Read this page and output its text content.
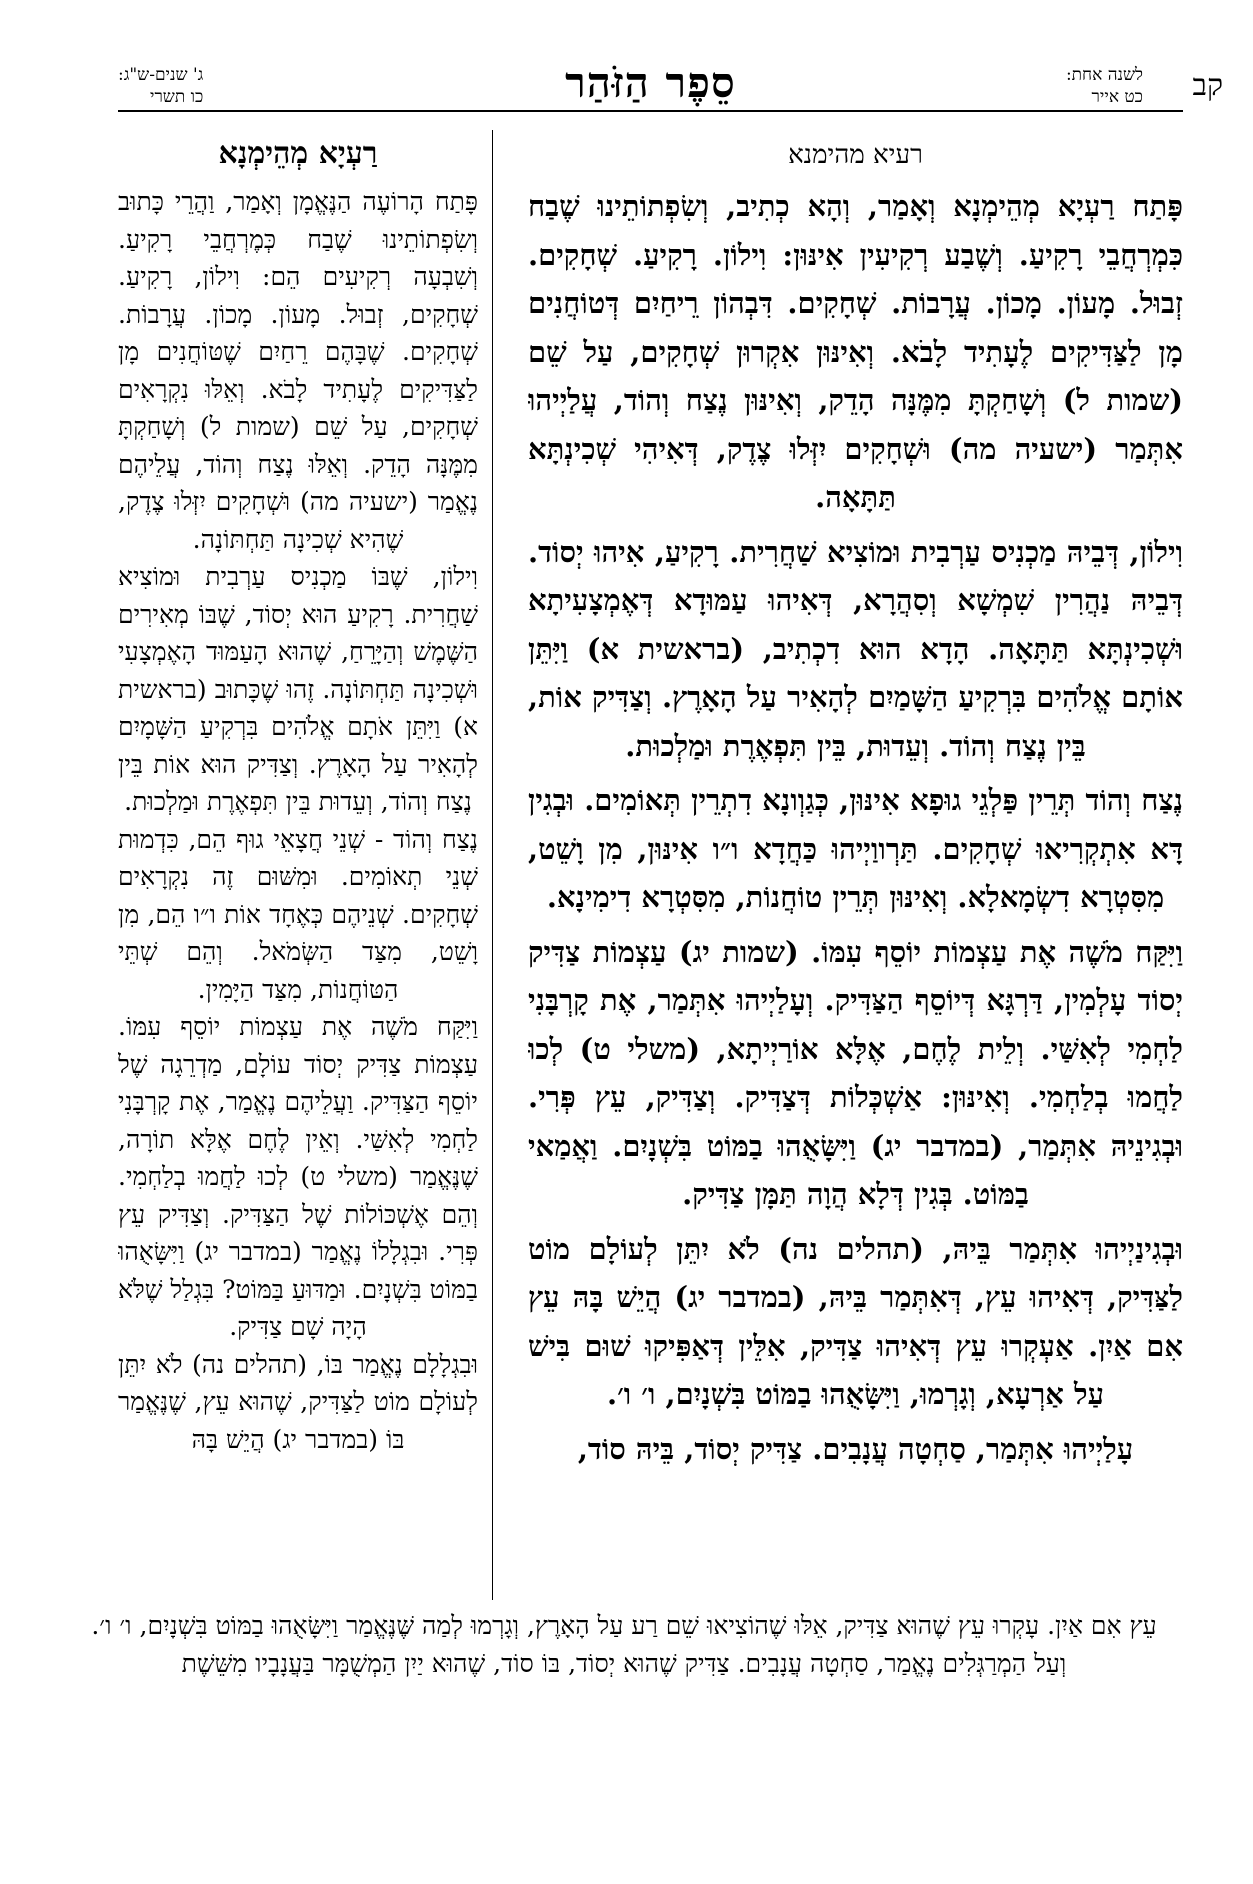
קב
לשנה אחת:
כט אייר
סֵפֶר הַזֹּהַר
ג' שנים-ש"ג:
כו תשרי
רעיא מהימנא

פָּתַח רַעְיָא מְהֵימְנָא וְאָמַר, וְהָא כְתִיב, וְשִׂפְתוֹתֵינוּ שֶׁבַח כִּמְרְחֲבֵי רָקִיעַ. וְשֶׁבַע רְקִיעִין אִינּוּן: וִילוֹן. רָקִיעַ. שְׁחָקִים. זְבוּל. מָעוֹן. מָכוֹן. עֲרָבוֹת. שְׁחָקִים. דִּבְהוֹן רֵיחַיִם דְּטוֹחֲנִים מָן לַצַּדִּיקִים לֶעָתִיד לָבֹא. וְאִינּוּן אִקְרוּן שְׁחָקִים, עַל שֵׁם (שמות ל) וְשָׁחַקְתָּ מִמֶּנָּה הָדֵק, וְאִינּוּן נֶצַח וְהוֹד, עֲלַיְיהוּ אִתְּמַר (ישעיה מה) וּשְׁחָקִים יִזְּלוּ צֶדֶק, דְּאִיהִי שְׁכִינְתָּא תַּתָּאָה.

וִילוֹן, דְּבֵיהּ מַכְנִיס עַרְבִית וּמוֹצִיא שַׁחֲרִית. רָקִיעַ, אִיהוּ יְסוֹד. דְּבֵיהּ נַהֲרִין שִׁמְשָׁא וְסִהֲרָא, דְּאִיהוּ עַמּוּדָא דְּאֶמְצָעִיתָא וּשְׁכִינְתָּא תַּתָּאָה. הָדָא הוּא דִכְתִיב, (בראשית א) וַיִּתֵּן אוֹתָם אֱלֹהִים בִּרְקִיעַ הַשָּׁמַיִם לְהָאִיר עַל הָאָרֶץ. וְצַדִּיק אוֹת, בֵּין נֶצַח וְהוֹד. וְעֵדוּת, בֵּין תִּפְאֶרֶת וּמַלְכוּת.

נֶצַח וְהוֹד תְּרֵין פַּלְגֵי גוּפָא אִינּוּן, כְּגַוְונָא דִתְרֵין תְּאוֹמִים. וּבְגִין דָּא אִתְקְרִיאוּ שְׁחָקִים. תַּרְווַיְיהוּ כַּחֲדָא ו״ו אִינּוּן, מִן וָשֵׁט, מִסִּטְרָא דִשְׂמָאלָא. וְאִינּוּן תְּרֵין טוֹחֲנוֹת, מִסִּטְרָא דִימִינָא.

וַיִּקַּח מֹשֶׁה אֶת עַצְמוֹת יוֹסֵף עִמּוֹ. (שמות יג) עַצְמוֹת צַדִּיק יְסוֹד עָלְמִין, דַּרְגָּא דְּיוֹסֵף הַצַּדִּיק. וְעָלַיְיהוּ אִתְּמַר, אֶת קָרְבָּנִי לַחְמִי לְאִשַּׁי. וְלֵית לֶחֶם, אֶלָּא אוֹרַיְיתָא, (משלי ט) לְכוּ לַחֲמוּ בְלַחְמִי. וְאִינּוּן: אַשְׁכְּלוֹת דְּצַדִּיק. וְצַדִּיק, עֵץ פְּרִי. וּבְגִינֵיהּ אִתְּמַר, (במדבר יג) וַיִּשָּׂאֻהוּ בַמּוֹט בִּשְׁנָיִם. וַאֲמַאי בַמּוֹט. בְּגִין דְּלָא הֲוָה תַּמָּן צַדִּיק.

וּבְגִינַיְיהוּ אִתְּמַר בֵּיהּ, (תהלים נה) לֹא יִתֵּן לְעוֹלָם מוֹט לַצַּדִּיק, דְּאִיהוּ עֵץ, דְּאִתְּמַר בֵּיהּ, (במדבר יג) הֲיֵשׁ בָּהּ עֵץ אִם אַיִן. אַעְקְרוּ עֵץ דְּאִיהוּ צַדִּיק, אִלֵּין דְּאַפִּיקוּ שׁוּם בִּישׁ עַל אַרְעָא, וְגָרְמוּ, וַיִּשָּׂאֻהוּ בַמּוֹט בִּשְׁנָיִם, ו׳ ו׳.

עָלַיְיהוּ אִתְּמַר, סַחְטָה עֲנָבִים. צַדִּיק יְסוֹד, בֵּיהּ סוֹד,

רַעְיָא מְהֵימְנָא

פָּתַח הָרוֹעֶה הַנֶּאֱמָן וְאָמַר, וַהֲרֵי כָּתוּב וְשִׂפְתוֹתֵינוּ שֶׁבַח כְּמֶרְחֲבֵי רָקִיעַ. וְשִׁבְעָה רְקִיעִים הֵם: וִילוֹן, רָקִיעַ. שְׁחָקִים, זְבוּל. מָעוֹן. מָכוֹן. עֲרָבוֹת. שְׁחָקִים. שֶׁבָּהֶם רֵחַיִם שֶׁטּוֹחֲנִים מָן לַצַּדִּיקִים לֶעָתִיד לָבֹא. וְאֵלּוּ נִקְרָאִים שְׁחָקִים, עַל שֵׁם (שמות ל) וְשָׁחַקְתָּ מִמֶּנָּה הָדֵק. וְאֵלּוּ נֶצַח וְהוֹד, עֲלֵיהֶם נֶאֱמַר (ישעיה מה) וּשְׁחָקִים יִזְּלוּ צֶדֶק, שֶׁהִיא שְׁכִינָה תַּחְתּוֹנָה.

וִילוֹן, שֶׁבּוֹ מַכְנִיס עַרְבִית וּמוֹצִיא שַׁחֲרִית. רָקִיעַ הוּא יְסוֹד, שֶׁבּוֹ מְאִירִים הַשֶּׁמֶשׁ וְהַיָּרֵחַ, שֶׁהוּא הָעַמּוּד הָאֶמְצָעִי וּשְׁכִינָה תַּחְתּוֹנָה. זֶהוּ שֶׁכָּתוּב (בראשית א) וַיִּתֵּן אֹתָם אֱלֹהִים בִּרְקִיעַ הַשָּׁמָיִם לְהָאִיר עַל הָאָרֶץ. וְצַדִּיק הוּא אוֹת בֵּין נֶצַח וְהוֹד, וְעֵדוּת בֵּין תִּפְאֶרֶת וּמַלְכוּת.

נֶצַח וְהוֹד - שְׁנֵי חֲצָאֵי גוּף הֵם, כִּדְמוּת שְׁנֵי תְאוֹמִים. וּמִשּׁוּם זֶה נִקְרָאִים שְׁחָקִים. שְׁנֵיהֶם כְּאֶחָד אוֹת ו״ו הֵם, מִן וָשֵׁט, מִצַּד הַשְּׂמֹאל. וְהֵם שְׁתֵּי הַטּוֹחֲנוֹת, מִצַּד הַיָּמִין.

וַיִּקַּח מֹשֶׁה אֶת עַצְמוֹת יוֹסֵף עִמּוֹ. עַצְמוֹת צַדִּיק יְסוֹד עוֹלָם, מַדְרֵגָה שֶׁל יוֹסֵף הַצַּדִּיק. וַעֲלֵיהֶם נֶאֱמַר, אֶת קָרְבָּנִי לַחְמִי לְאִשַּׁי. וְאֵין לֶחֶם אֶלָּא תוֹרָה, שֶׁנֶּאֱמַר (משלי ט) לְכוּ לַחֲמוּ בְלַחְמִי. וְהֵם אֶשְׁכּוֹלוֹת שֶׁל הַצַּדִּיק. וְצַדִּיק עֵץ פְּרִי. וּבִגְלָלוֹ נֶאֱמַר (במדבר יג) וַיִּשָּׂאֻהוּ בַמּוֹט בִּשְׁנָיִם. וּמַדּוּעַ בַּמּוֹט? בִּגְלַל שֶׁלֹּא הָיָה שָׁם צַדִּיק.

וּבִגְלָלָם נֶאֱמַר בּוֹ, (תהלים נה) לֹא יִתֵּן לְעוֹלָם מוֹט לַצַּדִּיק, שֶׁהוּא עֵץ, שֶׁנֶּאֱמַר בּוֹ (במדבר יג) הֲיֵשׁ בָּהּ

עֵץ אִם אַיִן. עָקְרוּ עֵץ שֶׁהוּא צַדִּיק, אֵלּוּ שֶׁהוֹצִיאוּ שֵׁם רַע עַל הָאָרֶץ, וְגָרְמוּ לְמַה שֶּׁנֶּאֱמַר וַיִּשָּׂאֻהוּ בַמּוֹט בִּשְׁנָיִם, ו׳ ו׳.

וְעַל הַמְרַגְּלִים נֶאֱמַר, סַחְטָה עֲנָבִים. צַדִּיק שֶׁהוּא יְסוֹד, בּוֹ סוֹד, שֶׁהוּא יַיִן הַמְשֻׁמָּר בַּעֲנָבָיו מִשֵּׁשֶׁת
